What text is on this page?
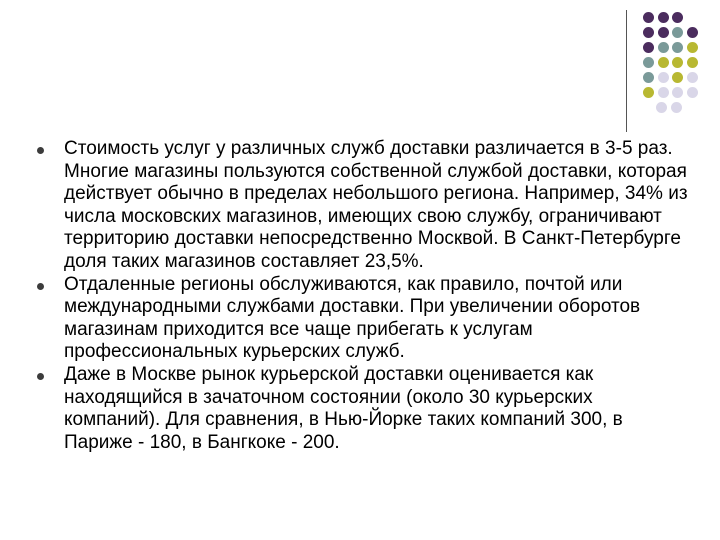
Стоимость услуг у различных служб доставки различается в 3-5 раз. Многие магазины пользуются собственной службой доставки, которая действует обычно в пределах небольшого региона. Например, 34% из числа московских магазинов, имеющих свою службу, ограничивают территорию доставки непосредственно Москвой. В Санкт-Петербурге доля таких магазинов составляет 23,5%.
Отдаленные регионы обслуживаются, как правило, почтой или международными службами доставки. При увеличении оборотов магазинам приходится все чаще прибегать к услугам профессиональных курьерских служб.
Даже в Москве рынок курьерской доставки оценивается как находящийся в зачаточном состоянии (около 30 курьерских компаний). Для сравнения, в Нью-Йорке таких компаний 300, в Париже - 180, в Бангкоке - 200.
